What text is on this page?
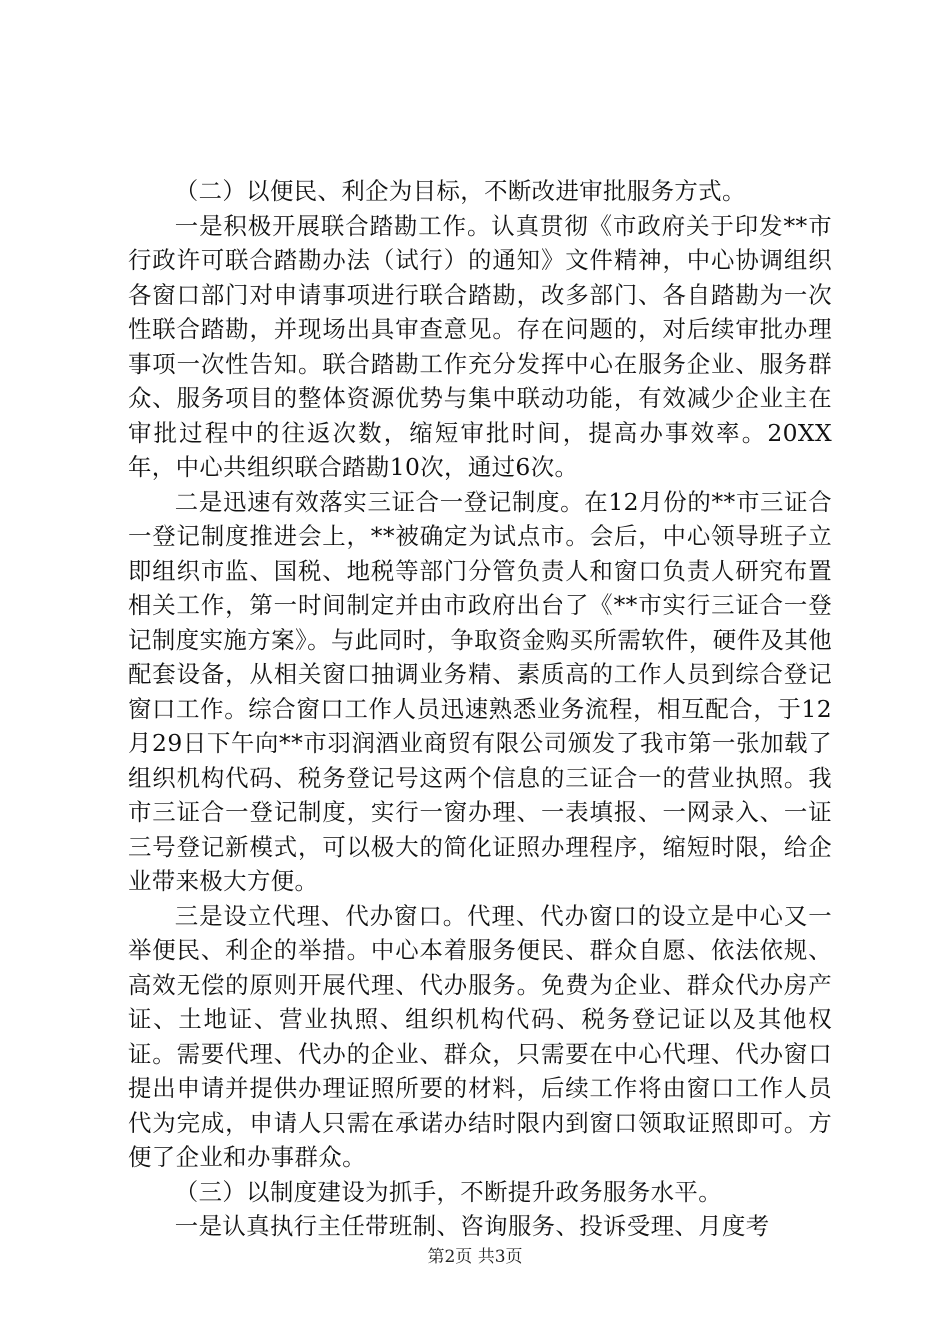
（二）以便民、利企为目标，不断改进审批服务方式。

一是积极开展联合踏勘工作。认真贯彻《市政府关于印发**市行政许可联合踏勘办法（试行）的通知》文件精神，中心协调组织各窗口部门对申请事项进行联合踏勘，改多部门、各自踏勘为一次性联合踏勘，并现场出具审查意见。存在问题的，对后续审批办理事项一次性告知。联合踏勘工作充分发挥中心在服务企业、服务群众、服务项目的整体资源优势与集中联动功能，有效减少企业主在审批过程中的往返次数，缩短审批时间，提高办事效率。20XX年，中心共组织联合踏勘10次，通过6次。

二是迅速有效落实三证合一登记制度。在12月份的**市三证合一登记制度推进会上，**被确定为试点市。会后，中心领导班子立即组织市监、国税、地税等部门分管负责人和窗口负责人研究布置相关工作，第一时间制定并由市政府出台了《**市实行三证合一登记制度实施方案》。与此同时，争取资金购买所需软件，硬件及其他配套设备，从相关窗口抽调业务精、素质高的工作人员到综合登记窗口工作。综合窗口工作人员迅速熟悉业务流程，相互配合，于12月29日下午向**市羽润酒业商贸有限公司颁发了我市第一张加载了组织机构代码、税务登记号这两个信息的三证合一的营业执照。我市三证合一登记制度，实行一窗办理、一表填报、一网录入、一证三号登记新模式，可以极大的简化证照办理程序，缩短时限，给企业带来极大方便。

三是设立代理、代办窗口。代理、代办窗口的设立是中心又一举便民、利企的举措。中心本着服务便民、群众自愿、依法依规、高效无偿的原则开展代理、代办服务。免费为企业、群众代办房产证、土地证、营业执照、组织机构代码、税务登记证以及其他权证。需要代理、代办的企业、群众，只需要在中心代理、代办窗口提出申请并提供办理证照所要的材料，后续工作将由窗口工作人员代为完成，申请人只需在承诺办结时限内到窗口领取证照即可。方便了企业和办事群众。

（三）以制度建设为抓手，不断提升政务服务水平。

一是认真执行主任带班制、咨询服务、投诉受理、月度考

第2页 共3页
